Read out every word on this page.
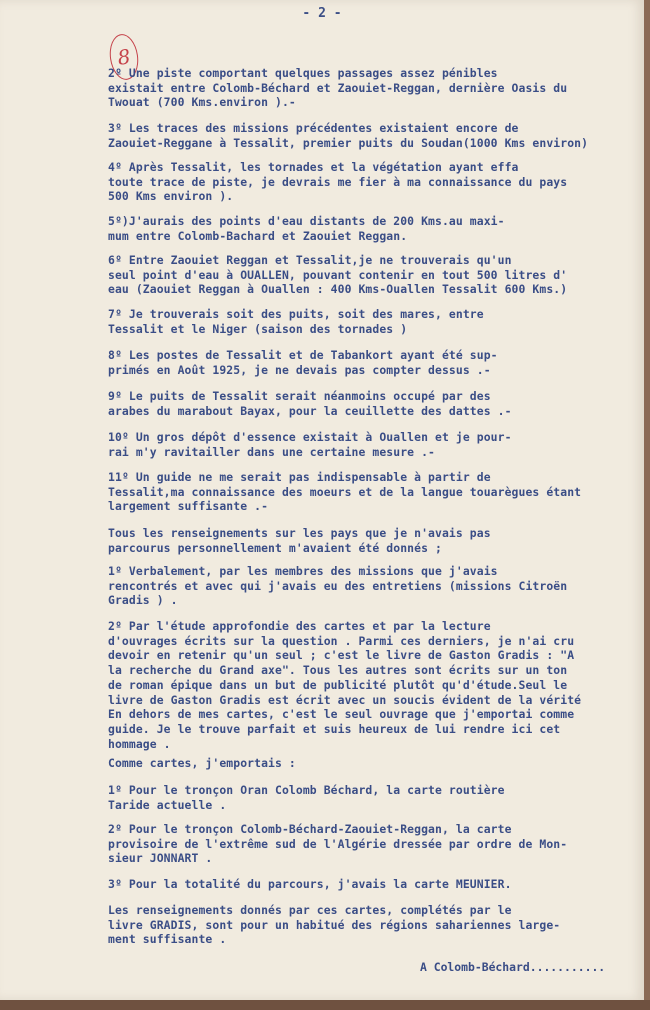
- 2 -
8

2º Une piste comportant quelques passages assez pénibles
existait entre Colomb-Béchard et Zaouiet-Reggan, dernière Oasis du
Twouat (700 Kms.environ ).-

3º Les traces des missions précédentes existaient encore de
Zaouiet-Reggane à Tessalit, premier puits du Soudan(1000 Kms environ)

4º Après Tessalit, les tornades et la végétation ayant effa
toute trace de piste, je devrais me fier à ma connaissance du pays
500 Kms environ ).

5º)J'aurais des points d'eau distants de 200 Kms.au maxi-
mum entre Colomb-Bachard et Zaouiet Reggan.

6º Entre Zaouiet Reggan et Tessalit,je ne trouverais qu'un
seul point d'eau à OUALLEN, pouvant contenir en tout 500 litres d'
eau (Zaouiet Reggan à Ouallen : 400 Kms-Ouallen Tessalit 600 Kms.)

7º Je trouverais soit des puits, soit des mares, entre
Tessalit et le Niger (saison des tornades )

8º Les postes de Tessalit et de Tabankort ayant été sup-
primés en Août 1925, je ne devais pas compter dessus .-

9º Le puits de Tessalit serait néanmoins occupé par des
arabes du marabout Bayax, pour la ceuillette des dattes .-

10º Un gros dépôt d'essence existait à Ouallen et je pour-
rai m'y ravitailler dans une certaine mesure .-

11º Un guide ne me serait pas indispensable à partir de
Tessalit,ma connaissance des moeurs et de la langue touarègues étant
largement suffisante .-

Tous les renseignements sur les pays que je n'avais pas
parcourus personnellement m'avaient été donnés ;

1º Verbalement, par les membres des missions que j'avais
rencontrés et avec qui j'avais eu des entretiens (missions Citroën
Gradis ) .

2º Par l'étude approfondie des cartes et par la lecture
d'ouvrages écrits sur la question . Parmi ces derniers, je n'ai cru
devoir en retenir qu'un seul ; c'est le livre de Gaston Gradis : "A
la recherche du Grand axe". Tous les autres sont écrits sur un ton
de roman épique dans un but de publicité plutôt qu'd'étude.Seul le
livre de Gaston Gradis est écrit avec un soucis évident de la vérité
En dehors de mes cartes, c'est le seul ouvrage que j'emportai comme
guide. Je le trouve parfait et suis heureux de lui rendre ici cet
hommage .

Comme cartes, j'emportais :

1º Pour le tronçon Oran Colomb Béchard, la carte routière
Taride actuelle .

2º Pour le tronçon Colomb-Béchard-Zaouiet-Reggan, la carte
provisoire de l'extrême sud de l'Algérie dressée par ordre de Mon-
sieur JONNART .

3º Pour la totalité du parcours, j'avais la carte MEUNIER.

Les renseignements donnés par ces cartes, complétés par le
livre GRADIS, sont pour un habitué des régions sahariennes large-
ment suffisante .

A Colomb-Béchard...........
